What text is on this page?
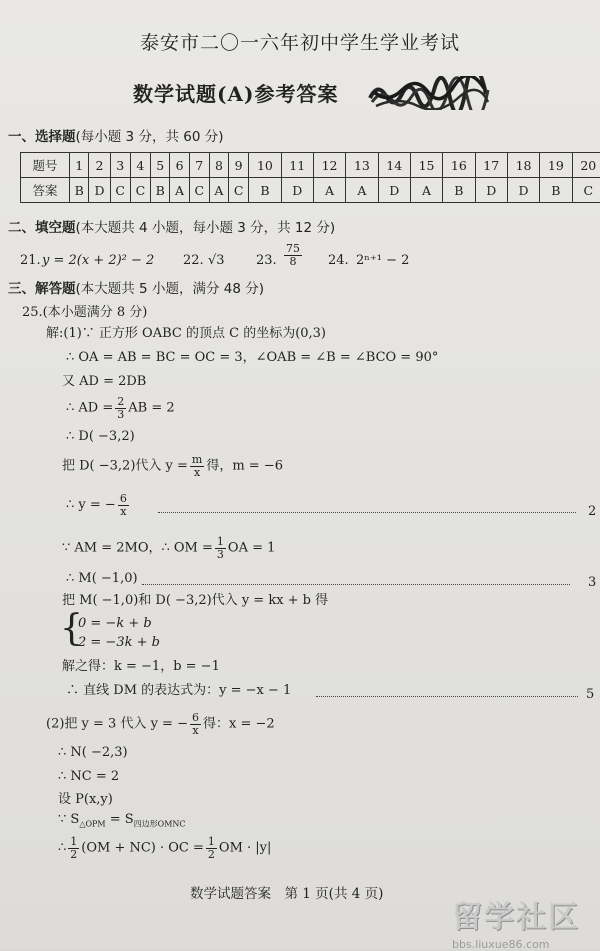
泰安市二〇一六年初中学生学业考试
数学试题(A)参考答案
一、选择题(每小题 3 分，共 60 分)
题号	1	2	3	4	5	6	7	8	9	10	11	12	13	14	15	16	17	18	19	20
答案	B	D	C	C	B	A	C	A	C	B	D	A	A	D	A	B	D	D	B	C
二、填空题(本大题共 4 小题，每小题 3 分，共 12 分)
21. y = 2(x + 2)² − 2 22. √3 23. $\frac{75}{8} 24$. 2ⁿ⁺¹ − 2
三、解答题(本大题共 5 小题，满分 48 分)
25.(本小题满分 8 分)
解:(1)∵ 正方形 OABC 的顶点 C 的坐标为(0,3)
∴ OA = AB = BC = OC = 3，∠OAB = ∠B = ∠BCO = 90°
又 AD = 2DB
∴ AD = $\frac{2}{3}$ AB = 2
∴ D( −3,2)
把 D( −3,2)代入 $y = \frac{m}{x}$ 得，m = −6
∴ y = − $\frac{6}{x}$	2
∵ AM = 2MO，∴ OM = $\frac{1}{3}$ OA = 1
∴ M( −1,0)	3
把 M( −1,0)和 D( −3,2)代入 y = kx + b 得
{
0 = −k + b
2 = −3k + b
解之得：k = −1，b = −1
∴ 直线 DM 的表达式为：y = −x − 1	5
(2)把 y = 3 代入 y = − $\frac{6}{x}$ 得：x = −2
∴ N( −2,3)
∴ NC = 2
设 P(x,y)
∵ $S_{\triangle OPM} = S_{四边形OMNC}$
∴ $\frac{1}{2} (OM + NC)$ · OC = $\frac{1}{2}$ OM · |y|
数学试题答案　第 1 页(共 4 页)
留学社区
bbs.liuxue86.com
